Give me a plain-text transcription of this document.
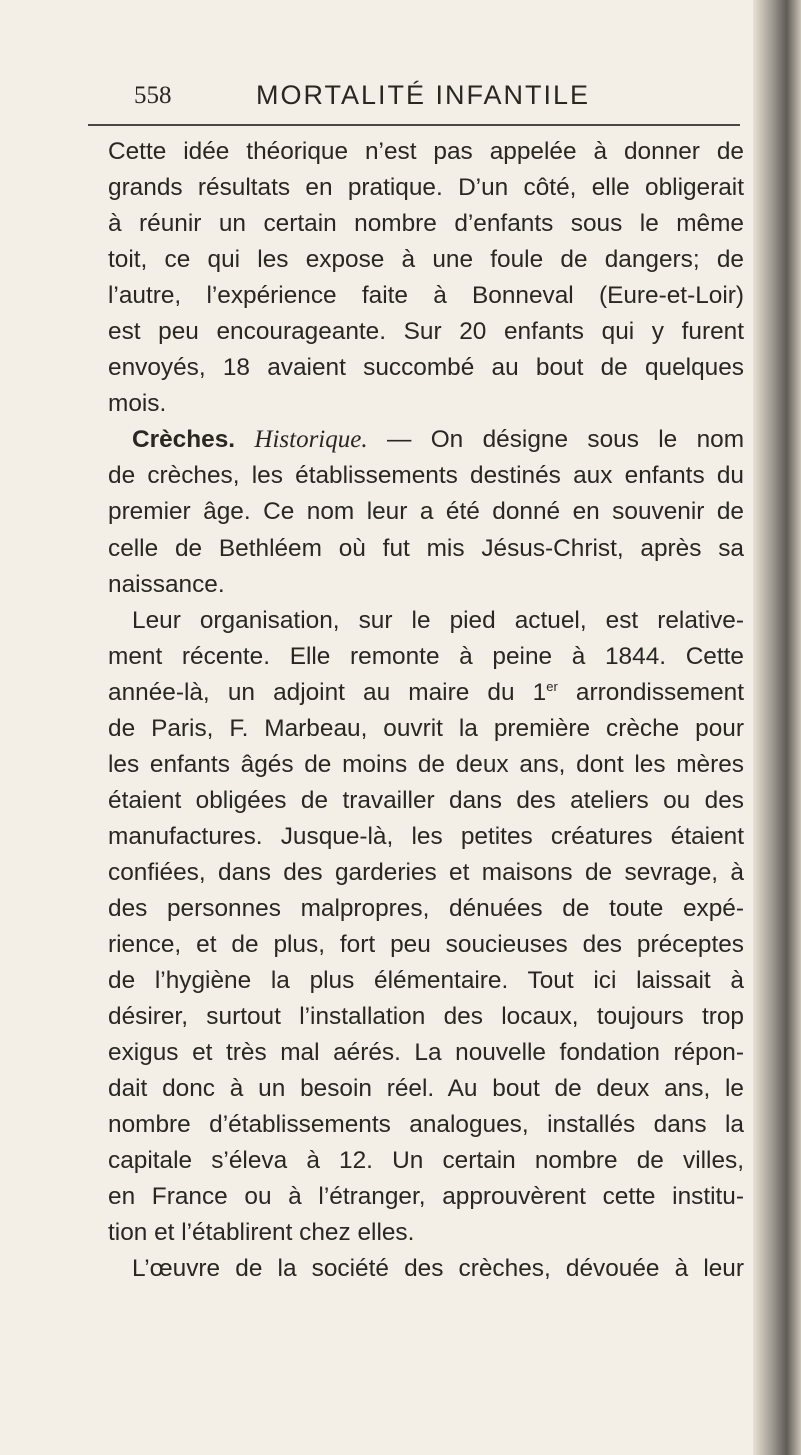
558	MORTALITÉ INFANTILE
Cette idée théorique n’est pas appelée à donner de
grands résultats en pratique. D’un côté, elle obligerait
à réunir un certain nombre d’enfants sous le même
toit, ce qui les expose à une foule de dangers; de
l’autre, l’expérience faite à Bonneval (Eure-et-Loir)
est peu encourageante. Sur 20 enfants qui y furent
envoyés, 18 avaient succombé au bout de quelques
mois.
Crèches. Historique. — On désigne sous le nom
de crèches, les établissements destinés aux enfants du
premier âge. Ce nom leur a été donné en souvenir de
celle de Bethléem où fut mis Jésus-Christ, après sa
naissance.
Leur organisation, sur le pied actuel, est relative-
ment récente. Elle remonte à peine à 1844. Cette
année-là, un adjoint au maire du 1er arrondissement
de Paris, F. Marbeau, ouvrit la première crèche pour
les enfants âgés de moins de deux ans, dont les mères
étaient obligées de travailler dans des ateliers ou des
manufactures. Jusque-là, les petites créatures étaient
confiées, dans des garderies et maisons de sevrage, à
des personnes malpropres, dénuées de toute expé-
rience, et de plus, fort peu soucieuses des préceptes
de l’hygiène la plus élémentaire. Tout ici laissait à
désirer, surtout l’installation des locaux, toujours trop
exigus et très mal aérés. La nouvelle fondation répon-
dait donc à un besoin réel. Au bout de deux ans, le
nombre d’établissements analogues, installés dans la
capitale s’éleva à 12. Un certain nombre de villes,
en France ou à l’étranger, approuvèrent cette institu-
tion et l’établirent chez elles.
L’œuvre de la société des crèches, dévouée à leur
